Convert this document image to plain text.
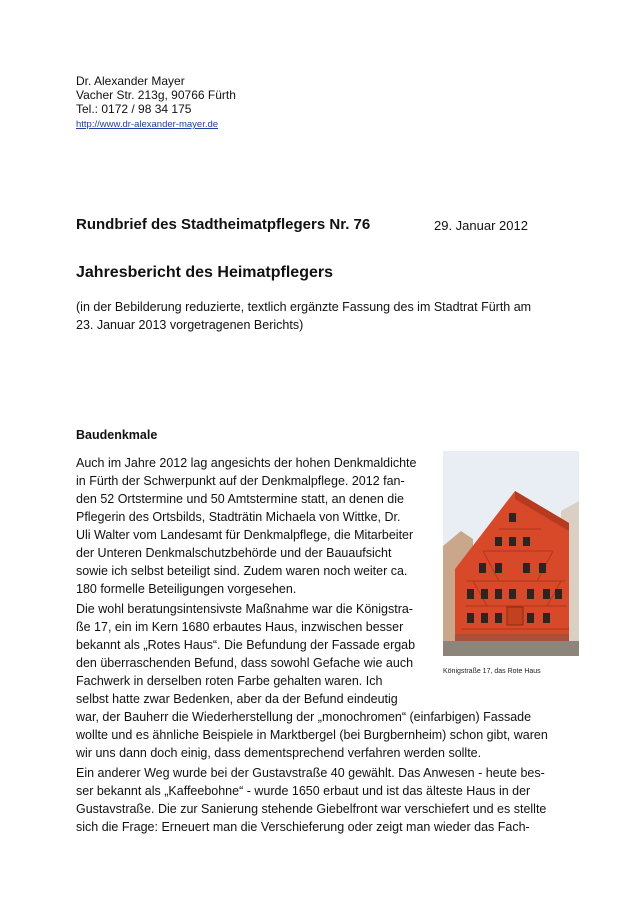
Dr. Alexander Mayer
Vacher Str. 213g, 90766 Fürth
Tel.: 0172 / 98 34 175
http://www.dr-alexander-mayer.de
Rundbrief des Stadtheimatpflegers Nr. 76	29. Januar 2012
Jahresbericht des Heimatpflegers
(in der Bebilderung reduzierte, textlich ergänzte Fassung des im Stadtrat Fürth am
23. Januar 2013 vorgetragenen Berichts)
Baudenkmale
Auch im Jahre 2012 lag angesichts der hohen Denkmaldichte
in Fürth der Schwerpunkt auf der Denkmalpflege. 2012 fan-
den 52 Ortstermine und 50 Amtstermine statt, an denen die
Pflegerin des Ortsbilds, Stadträtin Michaela von Wittke, Dr.
Uli Walter vom Landesamt für Denkmalpflege, die Mitarbeiter
der Unteren Denkmalschutzbehörde und der Bauaufsicht
sowie ich selbst beteiligt sind. Zudem waren noch weiter ca.
180 formelle Beteiligungen vorgesehen.
Die wohl beratungsintensivste Maßnahme war die Königstra-
ße 17, ein im Kern 1680 erbautes Haus, inzwischen besser
bekannt als „Rotes Haus“. Die Befundung der Fassade ergab
den überraschenden Befund, dass sowohl Gefache wie auch
Fachwerk in derselben roten Farbe gehalten waren. Ich
selbst hatte zwar Bedenken, aber da der Befund eindeutig
war, der Bauherr die Wiederherstellung der „monochromen“ (einfarbigen) Fassade
wollte und es ähnliche Beispiele in Marktbergel (bei Burgbernheim) schon gibt, waren
wir uns dann doch einig, dass dementsprechend verfahren werden sollte.
Ein anderer Weg wurde bei der Gustavstraße 40 gewählt. Das Anwesen - heute bes-
ser bekannt als „Kaffeebohne“ - wurde 1650 erbaut und ist das älteste Haus in der
Gustavstraße. Die zur Sanierung stehende Giebelfront war verschiefert und es stellte
sich die Frage: Erneuert man die Verschieferung oder zeigt man wieder das Fach-
Königstraße 17, das Rote Haus
